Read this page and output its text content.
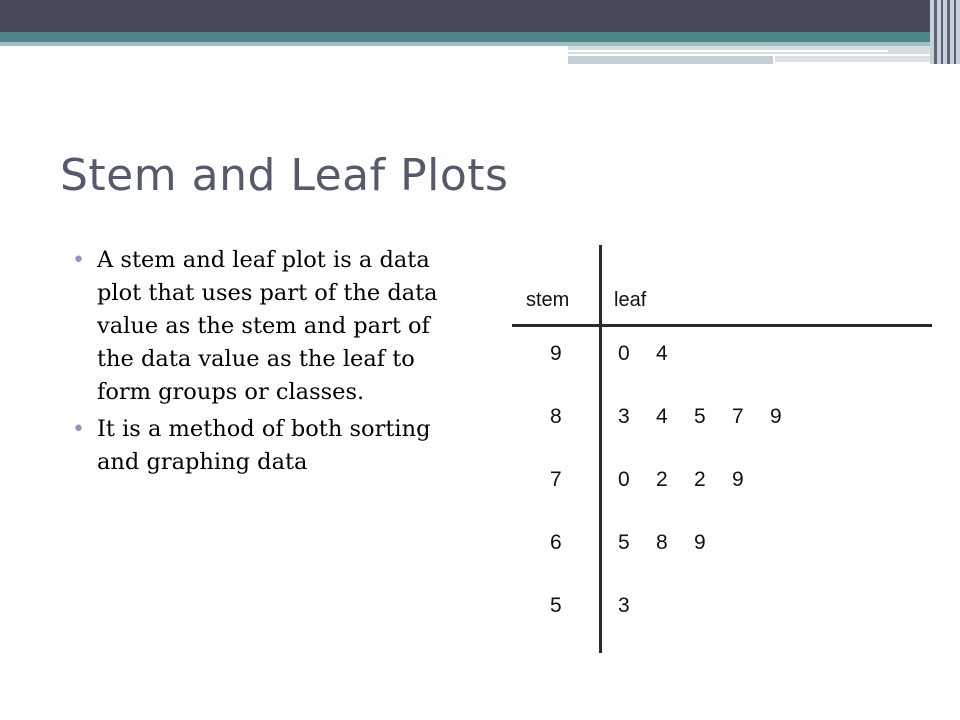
Stem and Leaf Plots
• A stem and leaf plot is a data plot that uses part of the data value as the stem and part of the data value as the leaf to form groups or classes.
• It is a method of both sorting and graphing data
stem leaf
9	0 4
8	3 4 5 7 9
7	0 2 2 9
6	5 8 9
5	3
